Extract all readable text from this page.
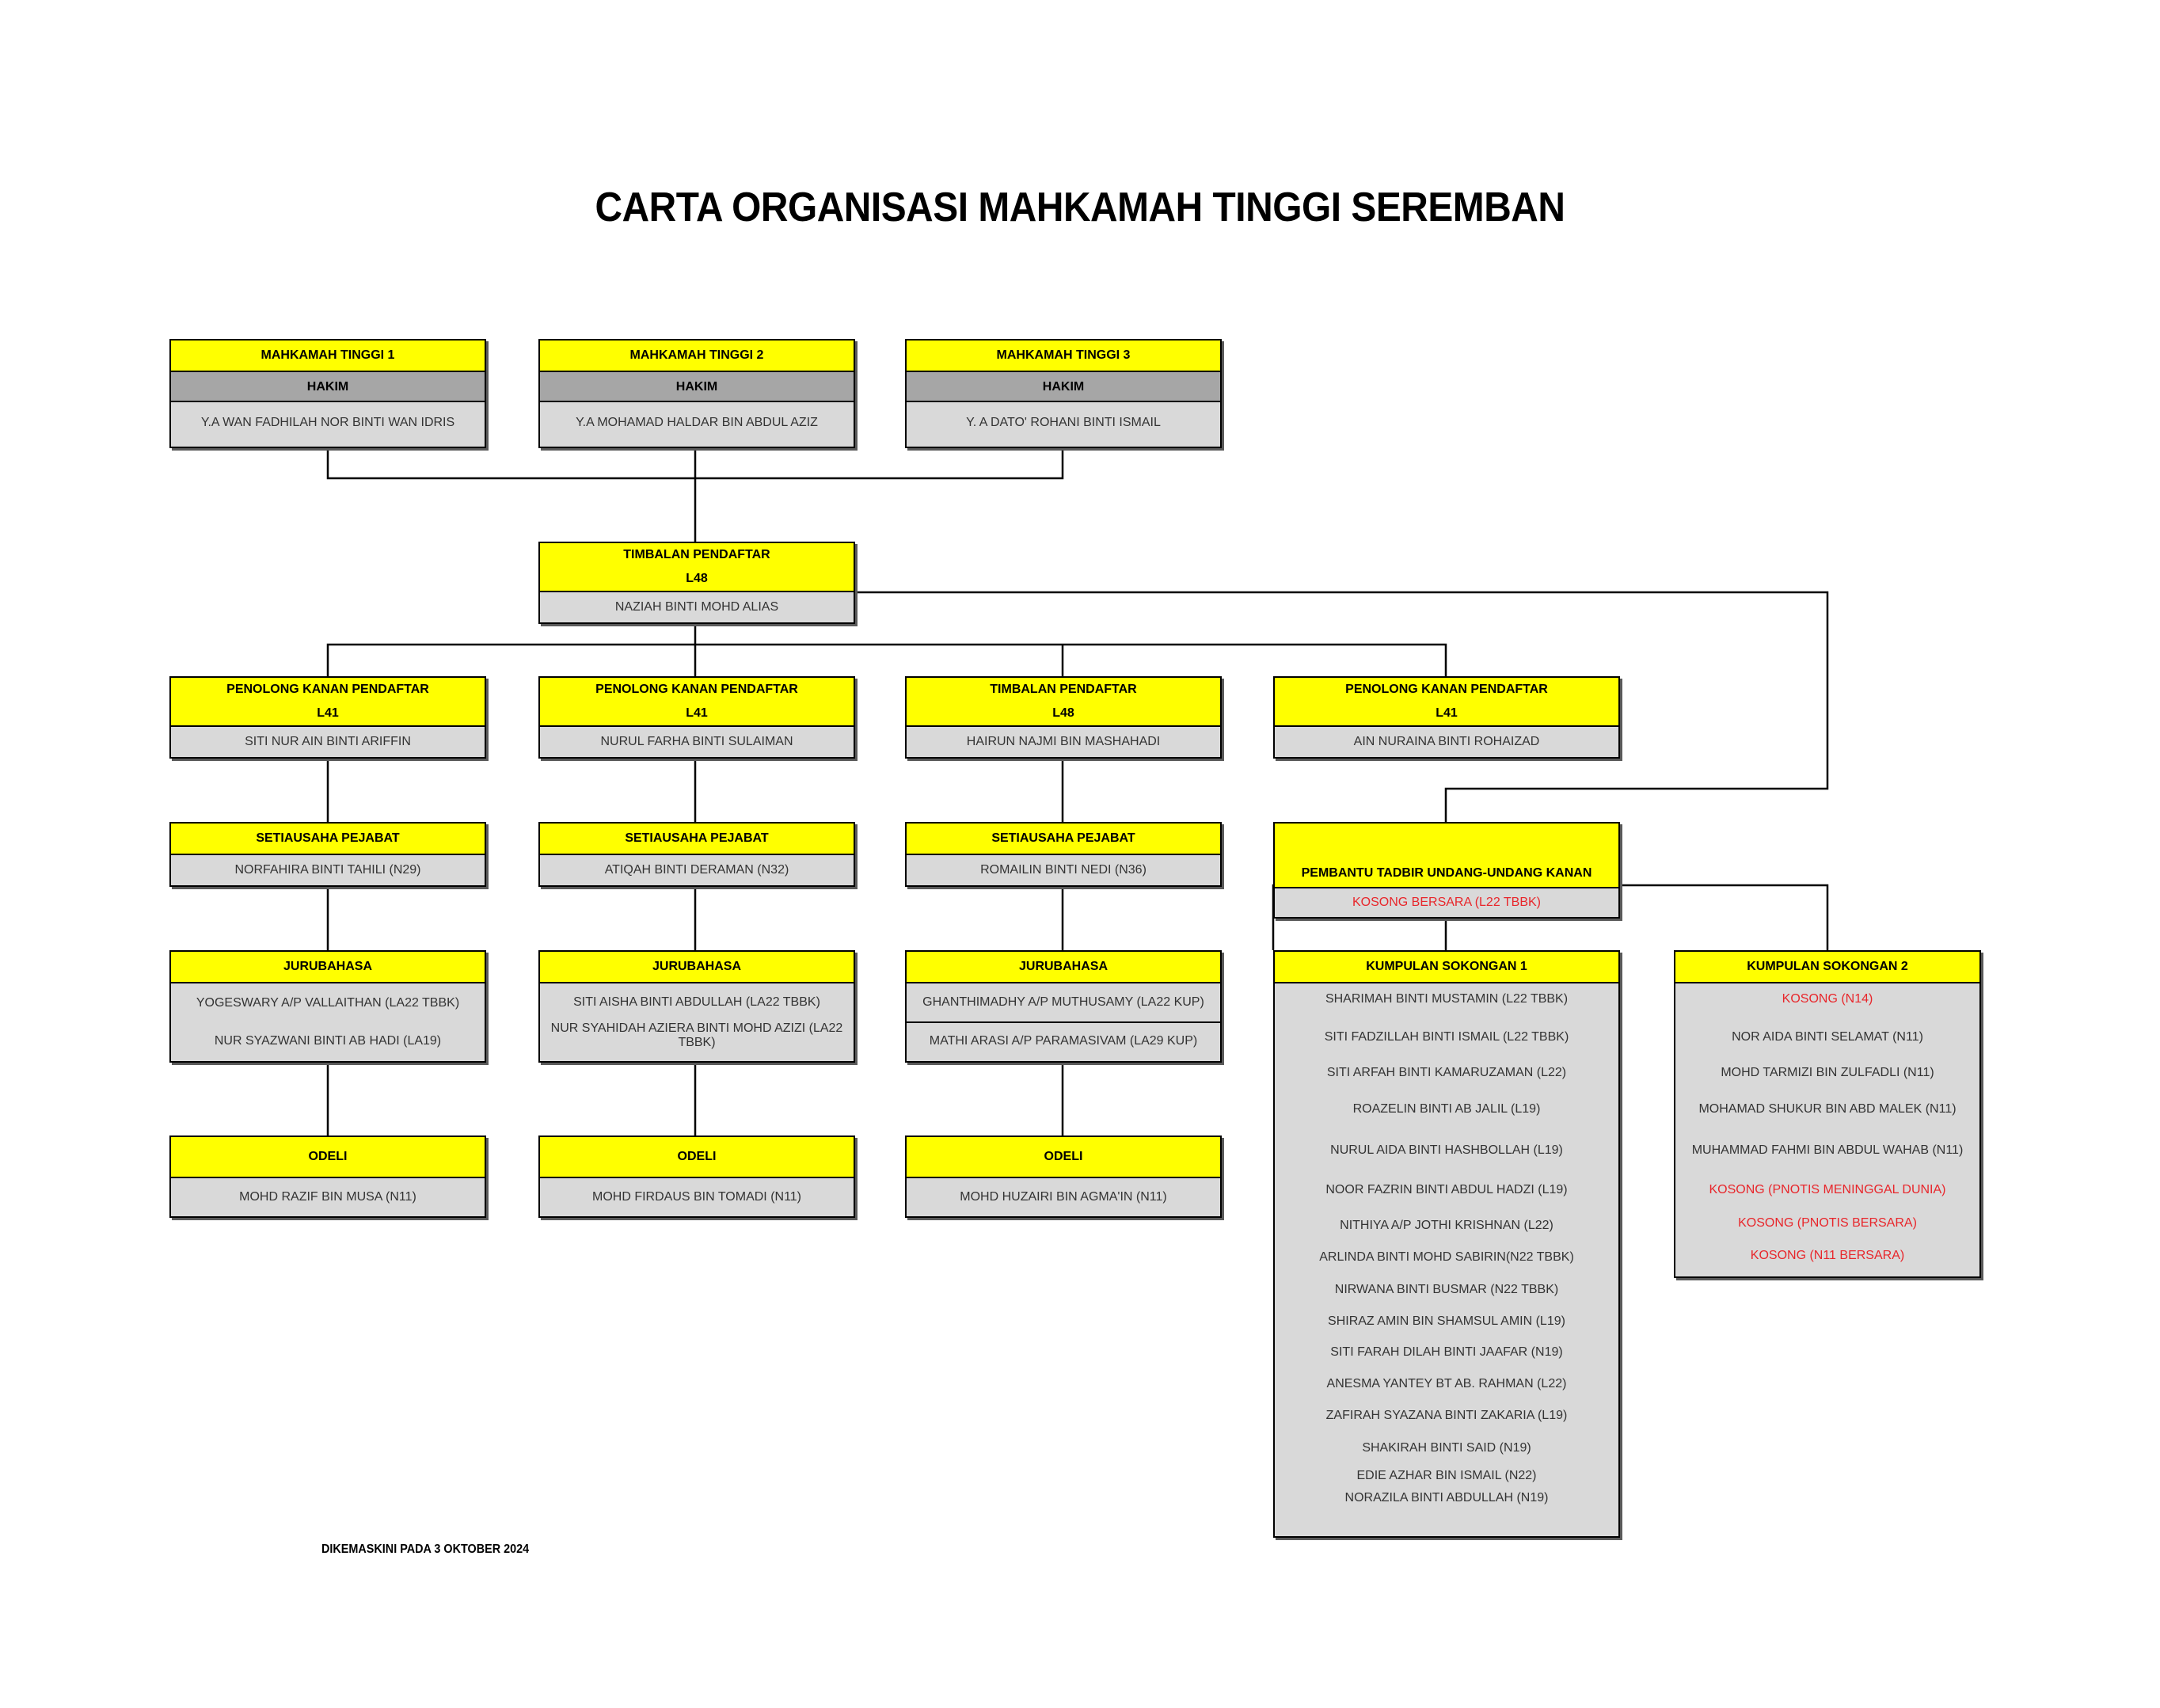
CARTA ORGANISASI MAHKAMAH TINGGI SEREMBAN
MAHKAMAH TINGGI 1
HAKIM
Y.A WAN FADHILAH NOR BINTI WAN IDRIS
MAHKAMAH TINGGI 2
HAKIM
Y.A MOHAMAD HALDAR BIN ABDUL AZIZ
MAHKAMAH TINGGI 3
HAKIM
Y. A DATO' ROHANI BINTI ISMAIL
TIMBALAN PENDAFTAR
L48
NAZIAH BINTI MOHD ALIAS
PENOLONG KANAN PENDAFTAR
L41
SITI NUR AIN BINTI ARIFFIN
PENOLONG KANAN PENDAFTAR
L41
NURUL FARHA BINTI SULAIMAN
TIMBALAN PENDAFTAR
L48
HAIRUN NAJMI BIN MASHAHADI
PENOLONG KANAN PENDAFTAR
L41
AIN NURAINA BINTI ROHAIZAD
SETIAUSAHA PEJABAT
NORFAHIRA BINTI TAHILI (N29)
SETIAUSAHA PEJABAT
ATIQAH BINTI DERAMAN (N32)
SETIAUSAHA PEJABAT
ROMAILIN BINTI NEDI (N36)	PEMBANTU TADBIR UNDANG-UNDANG KANAN
KOSONG BERSARA (L22 TBBK)
JURUBAHASA
YOGESWARY A/P VALLAITHAN (LA22 TBBK)
NUR SYAZWANI BINTI AB HADI (LA19)
JURUBAHASA
SITI AISHA BINTI ABDULLAH (LA22 TBBK)
NUR SYAHIDAH AZIERA BINTI MOHD AZIZI (LA22 TBBK)
JURUBAHASA
GHANTHIMADHY A/P MUTHUSAMY (LA22 KUP)
MATHI ARASI A/P PARAMASIVAM (LA29 KUP)
ODELI
MOHD RAZIF BIN MUSA (N11)
ODELI
MOHD FIRDAUS BIN TOMADI (N11)
ODELI
MOHD HUZAIRI BIN AGMA'IN (N11)
KUMPULAN SOKONGAN 1
SHARIMAH BINTI MUSTAMIN (L22 TBBK)
SITI FADZILLAH BINTI ISMAIL (L22 TBBK)
SITI ARFAH BINTI KAMARUZAMAN (L22)
ROAZELIN BINTI AB JALIL (L19)
NURUL AIDA BINTI HASHBOLLAH (L19)
NOOR FAZRIN BINTI ABDUL HADZI (L19)
NITHIYA A/P JOTHI KRISHNAN (L22)
ARLINDA BINTI MOHD SABIRIN(N22 TBBK)
NIRWANA BINTI BUSMAR (N22 TBBK)
SHIRAZ AMIN BIN SHAMSUL AMIN (L19)
SITI FARAH DILAH BINTI JAAFAR (N19)
ANESMA YANTEY BT AB. RAHMAN (L22)
ZAFIRAH SYAZANA BINTI ZAKARIA (L19)
SHAKIRAH BINTI SAID (N19)
EDIE AZHAR BIN ISMAIL (N22)
NORAZILA BINTI ABDULLAH (N19)
KUMPULAN SOKONGAN 2
KOSONG (N14)
NOR AIDA BINTI SELAMAT (N11)
MOHD TARMIZI BIN ZULFADLI (N11)
MOHAMAD SHUKUR BIN ABD MALEK (N11)
MUHAMMAD FAHMI BIN ABDUL WAHAB (N11)
KOSONG (PNOTIS MENINGGAL DUNIA)
KOSONG (PNOTIS BERSARA)
KOSONG (N11 BERSARA)
DIKEMASKINI PADA 3 OKTOBER 2024
